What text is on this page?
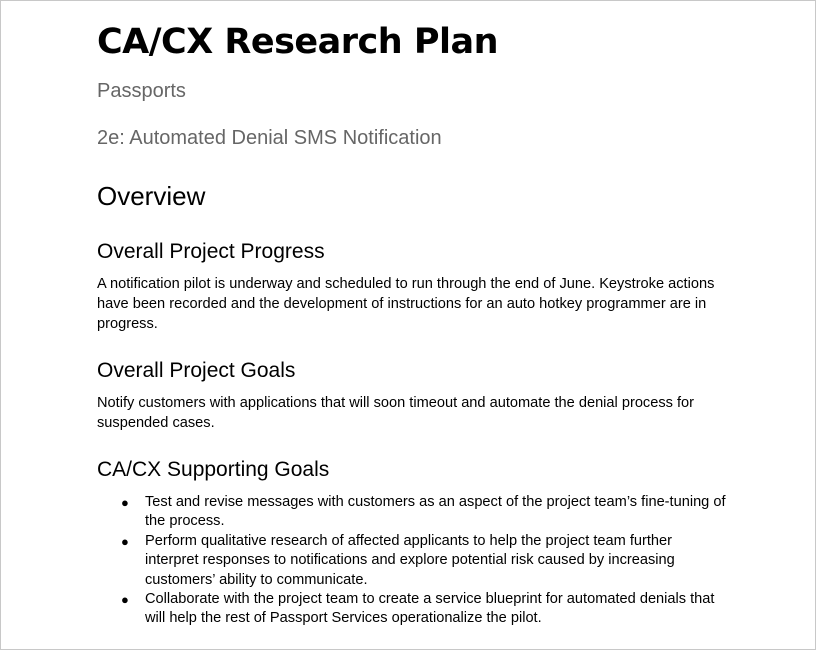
CA/CX Research Plan

Passports

2e: Automated Denial SMS Notification

Overview
Overall Project Progress

A notification pilot is underway and scheduled to run through the end of June. Keystroke actions have been recorded and the development of instructions for an auto hotkey programmer are in progress.

Overall Project Goals

Notify customers with applications that will soon timeout and automate the denial process for suspended cases.

CA/CX Supporting Goals
● Test and revise messages with customers as an aspect of the project team’s fine-tuning of the process.
● Perform qualitative research of affected applicants to help the project team further interpret responses to notifications and explore potential risk caused by increasing customers’ ability to communicate.
● Collaborate with the project team to create a service blueprint for automated denials that will help the rest of Passport Services operationalize the pilot.
